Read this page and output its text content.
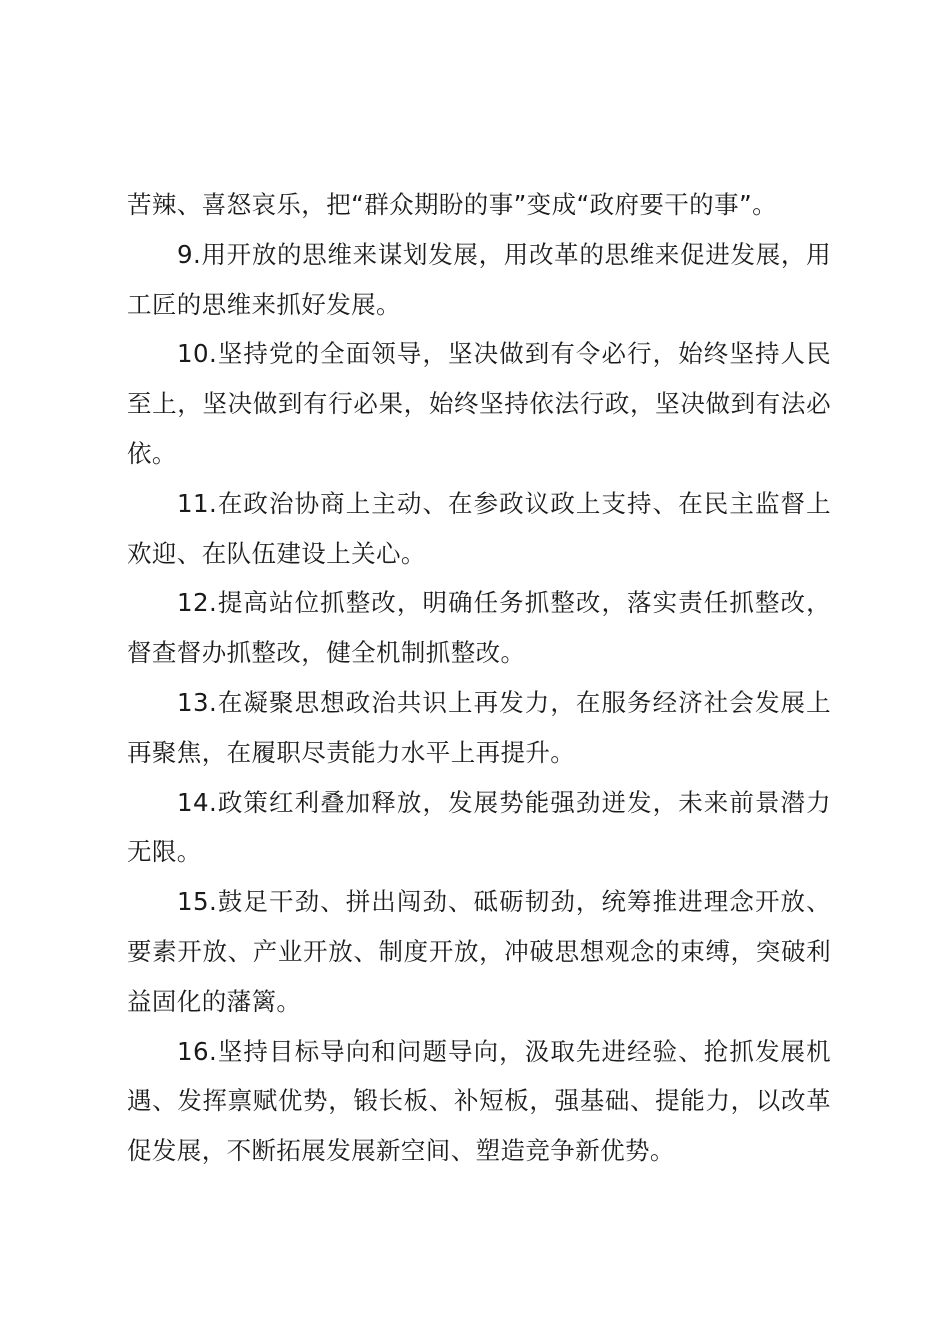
苦辣、喜怒哀乐，把“群众期盼的事”变成“政府要干的事”。

9.用开放的思维来谋划发展，用改革的思维来促进发展，用工匠的思维来抓好发展。

10.坚持党的全面领导，坚决做到有令必行，始终坚持人民至上，坚决做到有行必果，始终坚持依法行政，坚决做到有法必依。

11.在政治协商上主动、在参政议政上支持、在民主监督上欢迎、在队伍建设上关心。

12.提高站位抓整改，明确任务抓整改，落实责任抓整改，督查督办抓整改，健全机制抓整改。

13.在凝聚思想政治共识上再发力，在服务经济社会发展上再聚焦，在履职尽责能力水平上再提升。

14.政策红利叠加释放，发展势能强劲迸发，未来前景潜力无限。

15.鼓足干劲、拼出闯劲、砥砺韧劲，统筹推进理念开放、要素开放、产业开放、制度开放，冲破思想观念的束缚，突破利益固化的藩篱。

16.坚持目标导向和问题导向，汲取先进经验、抢抓发展机遇、发挥禀赋优势，锻长板、补短板，强基础、提能力，以改革促发展，不断拓展发展新空间、塑造竞争新优势。
